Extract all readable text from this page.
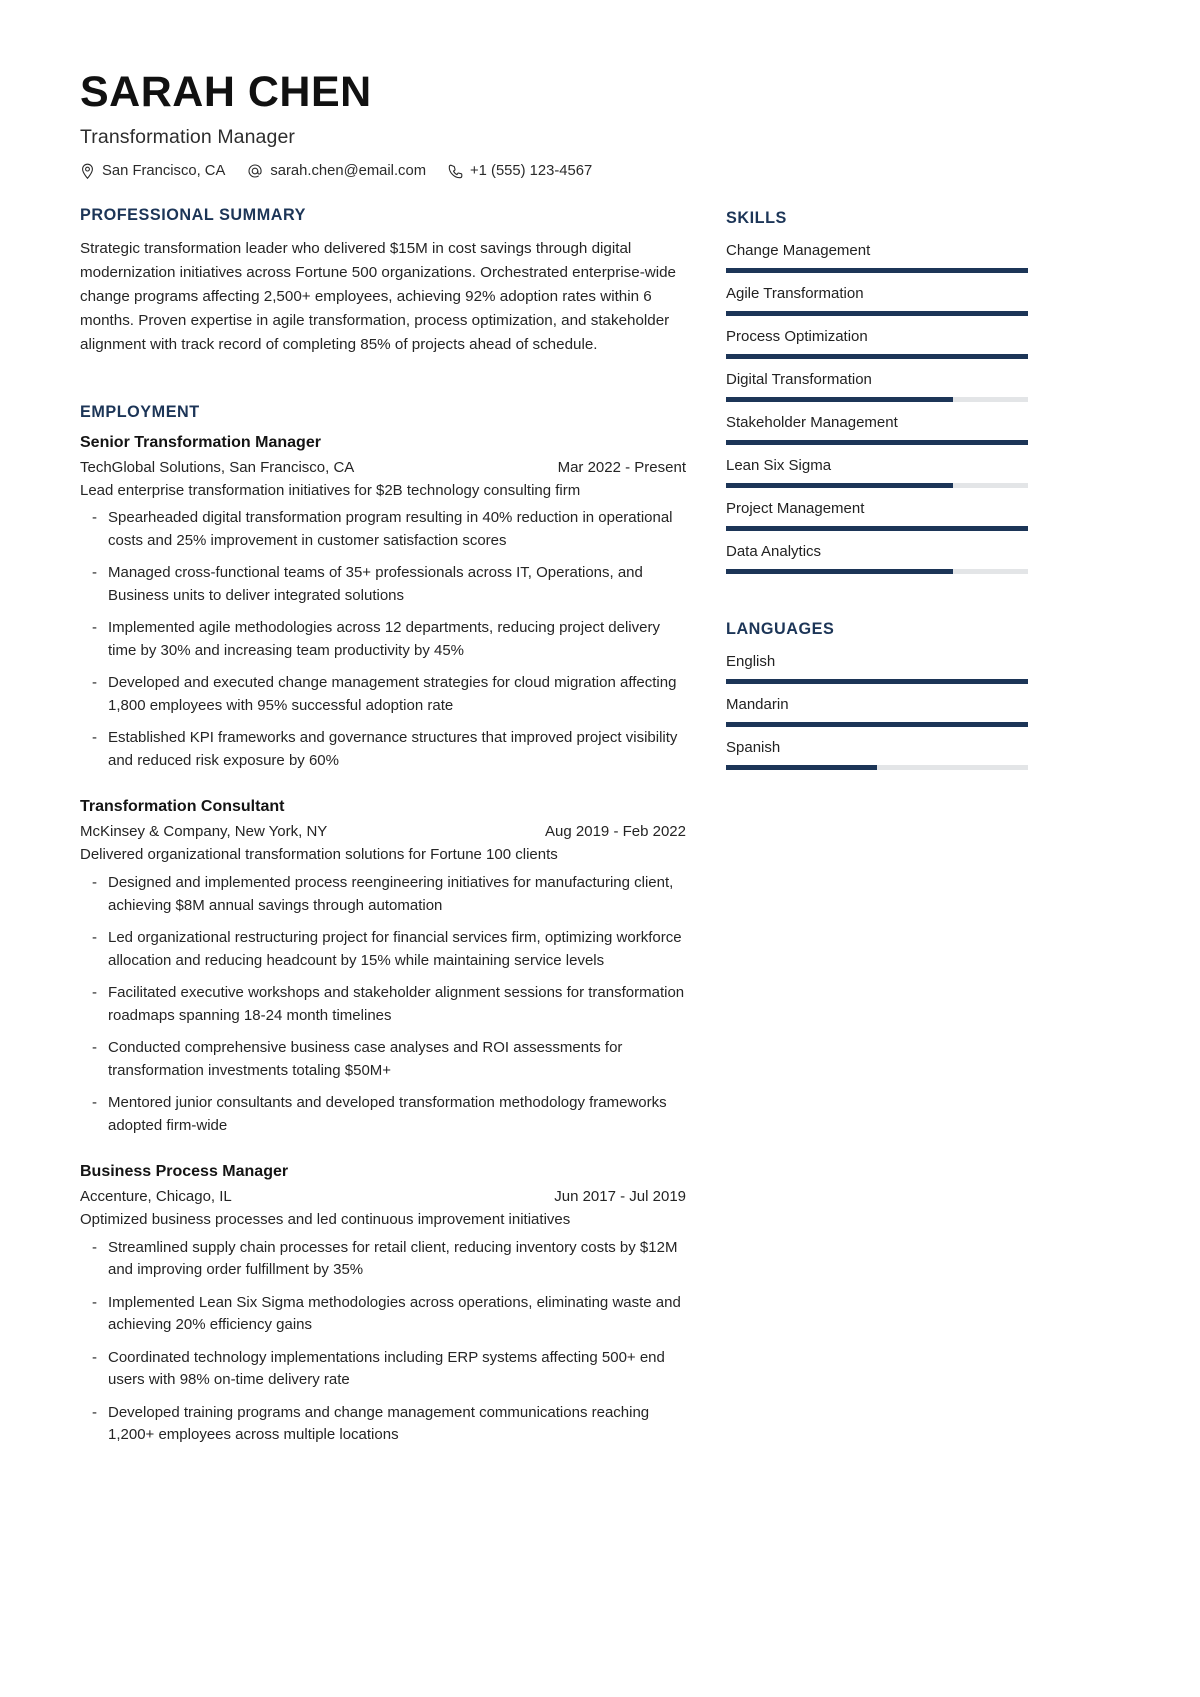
SARAH CHEN
Transformation Manager
San Francisco, CA	sarah.chen@email.com	+1 (555) 123-4567
PROFESSIONAL SUMMARY

Strategic transformation leader who delivered $15M in cost savings through digital modernization initiatives across Fortune 500 organizations. Orchestrated enterprise-wide change programs affecting 2,500+ employees, achieving 92% adoption rates within 6 months. Proven expertise in agile transformation, process optimization, and stakeholder alignment with track record of completing 85% of projects ahead of schedule.

EMPLOYMENT
Senior Transformation Manager
TechGlobal Solutions, San Francisco, CA	Mar 2022 - Present
Lead enterprise transformation initiatives for $2B technology consulting firm
- Spearheaded digital transformation program resulting in 40% reduction in operational costs and 25% improvement in customer satisfaction scores
- Managed cross-functional teams of 35+ professionals across IT, Operations, and Business units to deliver integrated solutions
- Implemented agile methodologies across 12 departments, reducing project delivery time by 30% and increasing team productivity by 45%
- Developed and executed change management strategies for cloud migration affecting 1,800 employees with 95% successful adoption rate
- Established KPI frameworks and governance structures that improved project visibility and reduced risk exposure by 60%
Transformation Consultant
McKinsey & Company, New York, NY	Aug 2019 - Feb 2022
Delivered organizational transformation solutions for Fortune 100 clients
- Designed and implemented process reengineering initiatives for manufacturing client, achieving $8M annual savings through automation
- Led organizational restructuring project for financial services firm, optimizing workforce allocation and reducing headcount by 15% while maintaining service levels
- Facilitated executive workshops and stakeholder alignment sessions for transformation roadmaps spanning 18-24 month timelines
- Conducted comprehensive business case analyses and ROI assessments for transformation investments totaling $50M+
- Mentored junior consultants and developed transformation methodology frameworks adopted firm-wide
Business Process Manager
Accenture, Chicago, IL	Jun 2017 - Jul 2019
Optimized business processes and led continuous improvement initiatives
- Streamlined supply chain processes for retail client, reducing inventory costs by $12M and improving order fulfillment by 35%
- Implemented Lean Six Sigma methodologies across operations, eliminating waste and achieving 20% efficiency gains
- Coordinated technology implementations including ERP systems affecting 500+ end users with 98% on-time delivery rate
- Developed training programs and change management communications reaching 1,200+ employees across multiple locations
SKILLS
Change Management
Agile Transformation
Process Optimization
Digital Transformation
Stakeholder Management
Lean Six Sigma
Project Management
Data Analytics
LANGUAGES
English
Mandarin
Spanish
